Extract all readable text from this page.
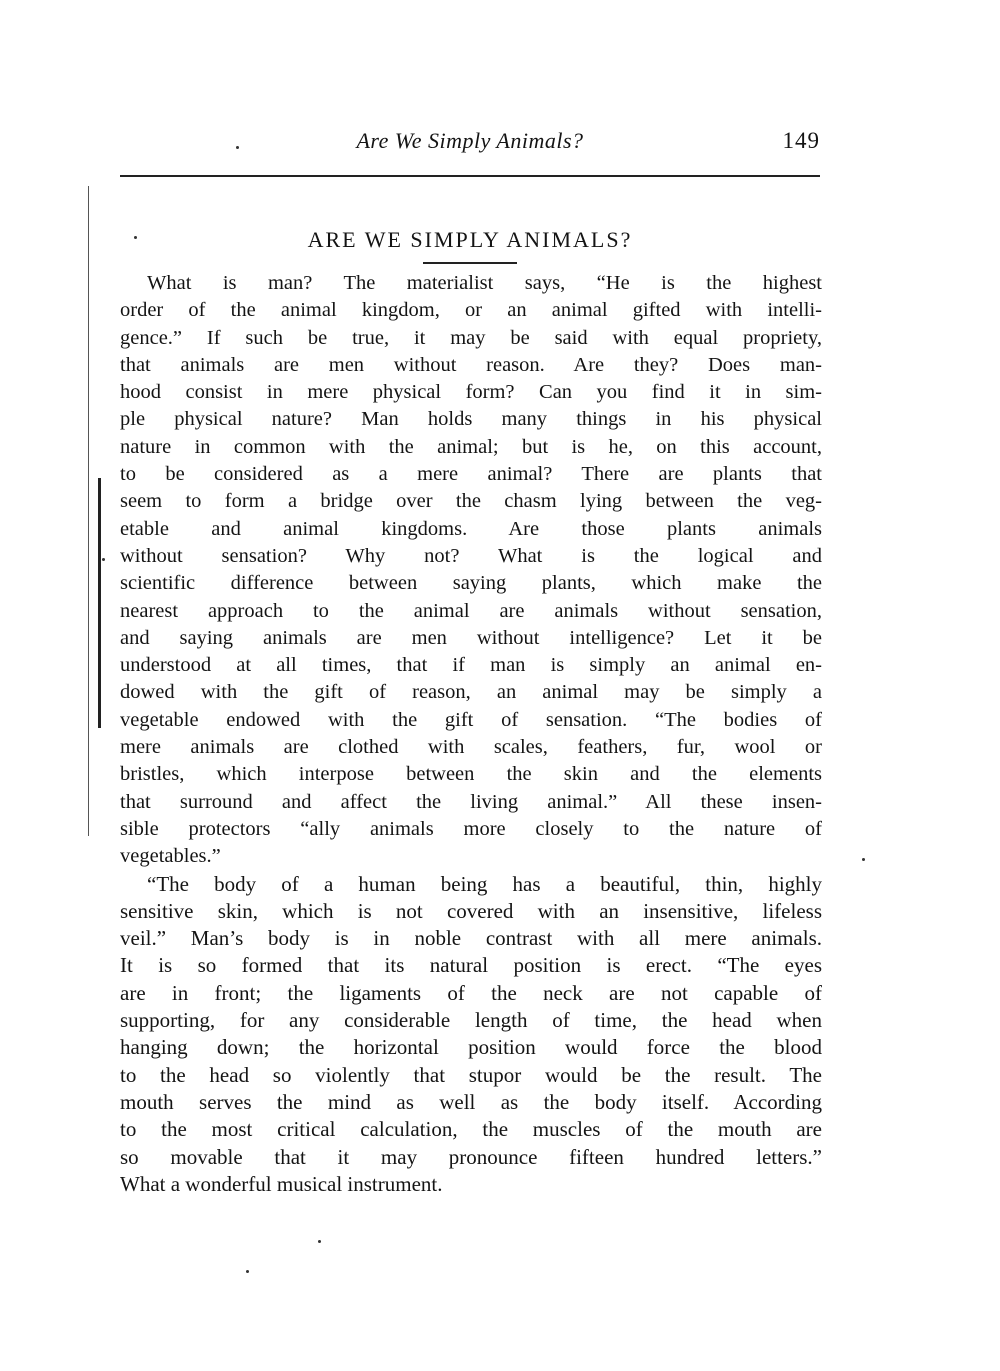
Are We Simply Animals?	149
ARE WE SIMPLY ANIMALS?
What is man? The materialist says, “He is the highest
order of the animal kingdom, or an animal gifted with intelli-
gence.” If such be true, it may be said with equal propriety,
that animals are men without reason. Are they? Does man-
hood consist in mere physical form? Can you find it in sim-
ple physical nature? Man holds many things in his physical
nature in common with the animal; but is he, on this account,
to be considered as a mere animal? There are plants that
seem to form a bridge over the chasm lying between the veg-
etable and animal kingdoms. Are those plants animals
without sensation? Why not? What is the logical and
scientific difference between saying plants, which make the
nearest approach to the animal are animals without sensation,
and saying animals are men without intelligence? Let it be
understood at all times, that if man is simply an animal en-
dowed with the gift of reason, an animal may be simply a
vegetable endowed with the gift of sensation. “The bodies of
mere animals are clothed with scales, feathers, fur, wool or
bristles, which interpose between the skin and the elements
that surround and affect the living animal.” All these insen-
sible protectors “ally animals more closely to the nature of
vegetables.”
“The body of a human being has a beautiful, thin, highly
sensitive skin, which is not covered with an insensitive, lifeless
veil.” Man’s body is in noble contrast with all mere animals.
It is so formed that its natural position is erect. “The eyes
are in front; the ligaments of the neck are not capable of
supporting, for any considerable length of time, the head when
hanging down; the horizontal position would force the blood
to the head so violently that stupor would be the result. The
mouth serves the mind as well as the body itself. According
to the most critical calculation, the muscles of the mouth are
so movable that it may pronounce fifteen hundred letters.”
What a wonderful musical instrument.
